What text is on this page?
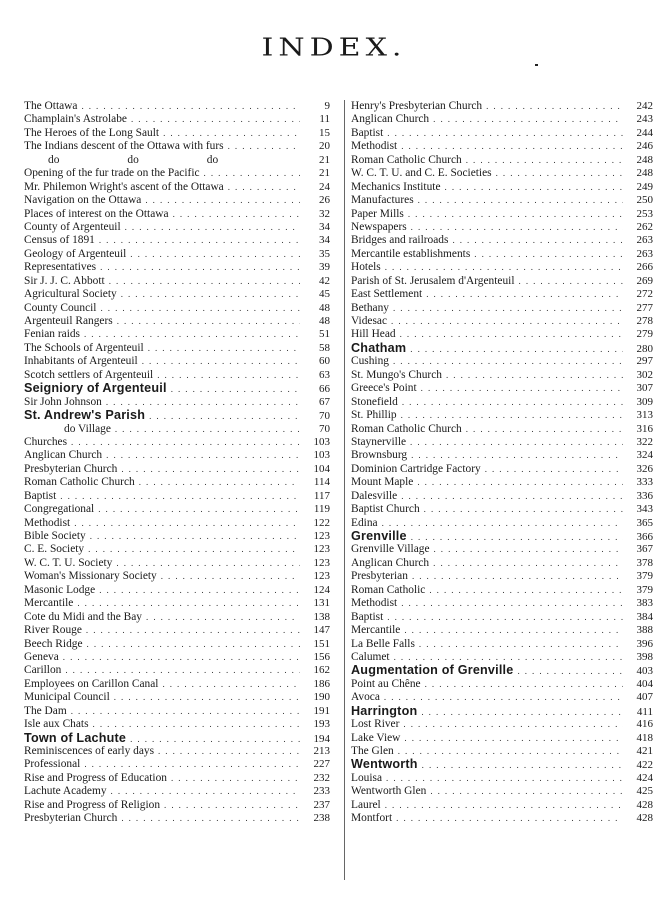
INDEX.
The Ottawa . . .	9
Champlain's Astrolabe . . .	11
The Heroes of the Long Sault . . .	15
The Indians descent of the Ottawa with furs . . .	20
do	do	do	21
Opening of the fur trade on the Pacific . . .	21
Mr. Philemon Wright's ascent of the Ottawa . . .	24
Navigation on the Ottawa . . .	26
Places of interest on the Ottawa . . .	32
County of Argenteuil . . .	34
Census of 1891 . . .	34
Geology of Argenteuil . . .	35
Representatives . . .	39
Sir J. J. C. Abbott . . .	42
Agricultural Society . . .	45
County Council . . .	48
Argenteuil Rangers . . .	48
Fenian raids . . .	51
The Schools of Argenteuil . . .	58
Inhabitants of Argenteuil . . .	60
Scotch settlers of Argenteuil . . .	63
Seigniory of Argenteuil . . .	66
Sir John Johnson . . .	67
St. Andrew's Parish . . .	70
do Village . . .	70
Churches . . .	103
Anglican Church . . .	103
Presbyterian Church . . .	104
Roman Catholic Church . . .	114
Baptist . . .	117
Congregational . . .	119
Methodist . . .	122
Bible Society . . .	123
C. E. Society . . .	123
W. C. T. U. Society . . .	123
Woman's Missionary Society . . .	123
Masonic Lodge . . .	124
Mercantile . . .	131
Cote du Midi and the Bay . . .	138
River Rouge . . .	147
Beech Ridge . . .	151
Geneva . . .	156
Carillon . . .	162
Employees on Carillon Canal . . .	186
Municipal Council . . .	190
The Dam . . .	191
Isle aux Chats . . .	193
Town of Lachute . . .	194
Reminiscences of early days . . .	213
Professional . . .	227
Rise and Progress of Education . . .	232
Lachute Academy . . .	233
Rise and Progress of Religion . . .	237
Presbyterian Church . . .	238
Henry's Presbyterian Church . . .	242
Anglican Church . . .	243
Baptist . . .	244
Methodist . . .	246
Roman Catholic Church . . .	248
W. C. T. U. and C. E. Societies . . .	248
Mechanics Institute . . .	249
Manufactures . . .	250
Paper Mills . . .	253
Newspapers . . .	262
Bridges and railroads . . .	263
Mercantile establishments . . .	263
Hotels . . .	266
Parish of St. Jerusalem d'Argenteuil . . .	269
East Settlement . . .	272
Bethany . . .	277
Videsac . . .	278
Hill Head . . .	279
Chatham . . .	280
Cushing . . .	297
St. Mungo's Church . . .	302
Greece's Point . . .	307
Stonefield . . .	309
St. Phillip . . .	313
Roman Catholic Church . . .	316
Staynerville . . .	322
Brownsburg . . .	324
Dominion Cartridge Factory . . .	326
Mount Maple . . .	333
Dalesville . . .	336
Baptist Church . . .	343
Edina . . .	365
Grenville . . .	366
Grenville Village . . .	367
Anglican Church . . .	378
Presbyterian . . .	379
Roman Catholic . . .	379
Methodist . . .	383
Baptist . . .	384
Mercantile . . .	388
La Belle Falls . . .	396
Calumet . . .	398
Augmentation of Grenville . . .	403
Point au Chêne . . .	404
Avoca . . .	407
Harrington . . .	411
Lost River . . .	416
Lake View . . .	418
The Glen . . .	421
Wentworth . . .	422
Louisa . . .	424
Wentworth Glen . . .	425
Laurel . . .	428
Montfort . . .	428
